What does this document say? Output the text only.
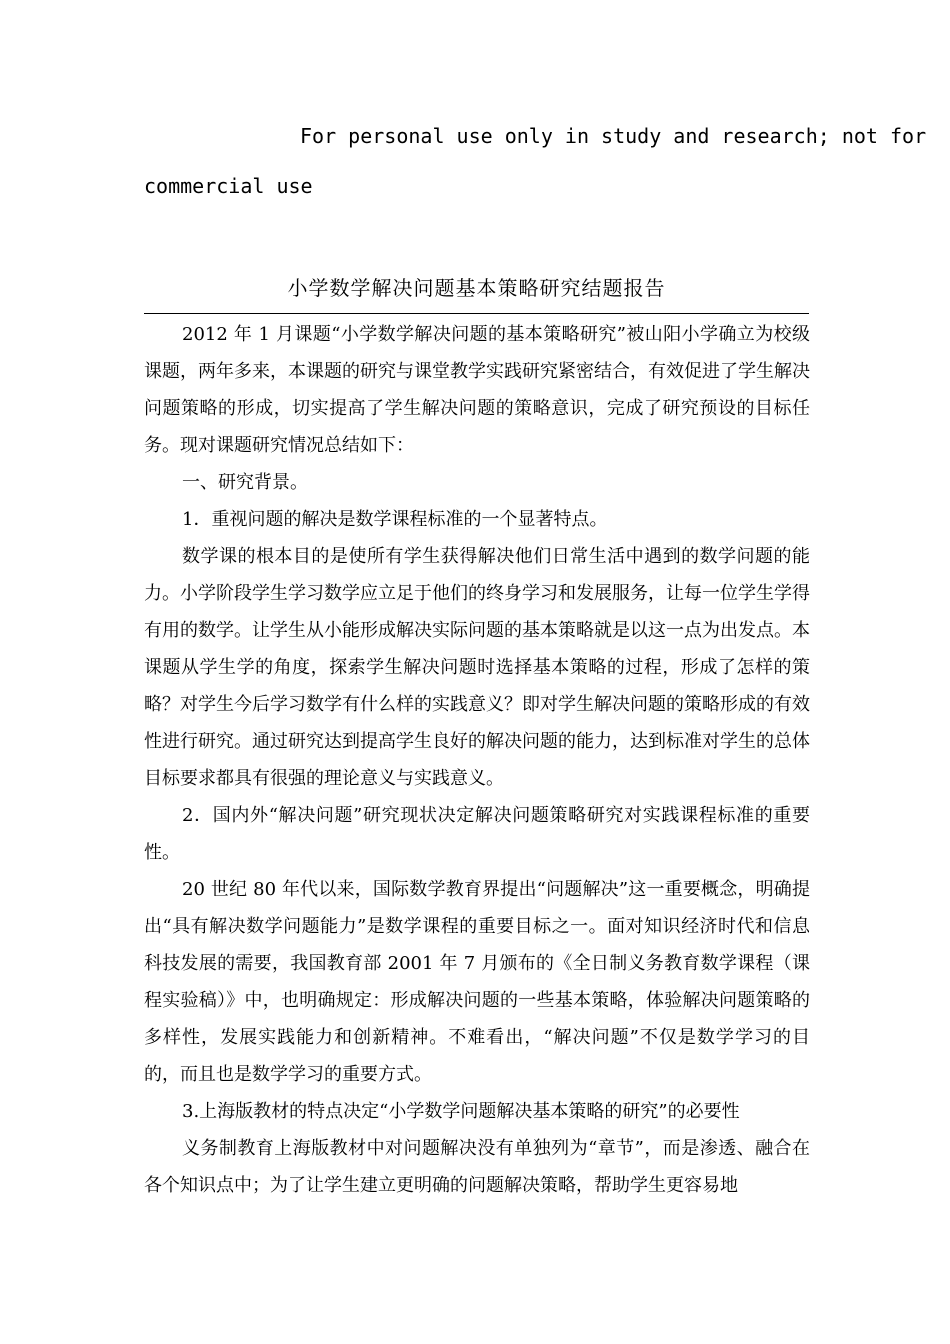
For personal use only in study and research; not for
commercial use
小学数学解决问题基本策略研究结题报告

2012 年 1 月课题“小学数学解决问题的基本策略研究”被山阳小学确立为校级课题，两年多来，本课题的研究与课堂教学实践研究紧密结合，有效促进了学生解决问题策略的形成，切实提高了学生解决问题的策略意识，完成了研究预设的目标任务。现对课题研究情况总结如下：

一、研究背景。

1．重视问题的解决是数学课程标准的一个显著特点。

数学课的根本目的是使所有学生获得解决他们日常生活中遇到的数学问题的能力。小学阶段学生学习数学应立足于他们的终身学习和发展服务，让每一位学生学得有用的数学。让学生从小能形成解决实际问题的基本策略就是以这一点为出发点。本课题从学生学的角度，探索学生解决问题时选择基本策略的过程，形成了怎样的策略？对学生今后学习数学有什么样的实践意义？即对学生解决问题的策略形成的有效性进行研究。通过研究达到提高学生良好的解决问题的能力，达到标准对学生的总体目标要求都具有很强的理论意义与实践意义。

2．国内外“解决问题”研究现状决定解决问题策略研究对实践课程标准的重要性。

20 世纪 80 年代以来，国际数学教育界提出“问题解决”这一重要概念，明确提出“具有解决数学问题能力”是数学课程的重要目标之一。面对知识经济时代和信息科技发展的需要，我国教育部 2001 年 7 月颁布的《全日制义务教育数学课程（课程实验稿）》中，也明确规定：形成解决问题的一些基本策略，体验解决问题策略的多样性，发展实践能力和创新精神。不难看出，“解决问题”不仅是数学学习的目的，而且也是数学学习的重要方式。

3.上海版教材的特点决定“小学数学问题解决基本策略的研究”的必要性

义务制教育上海版教材中对问题解决没有单独列为“章节”，而是渗透、融合在各个知识点中；为了让学生建立更明确的问题解决策略，帮助学生更容易地
